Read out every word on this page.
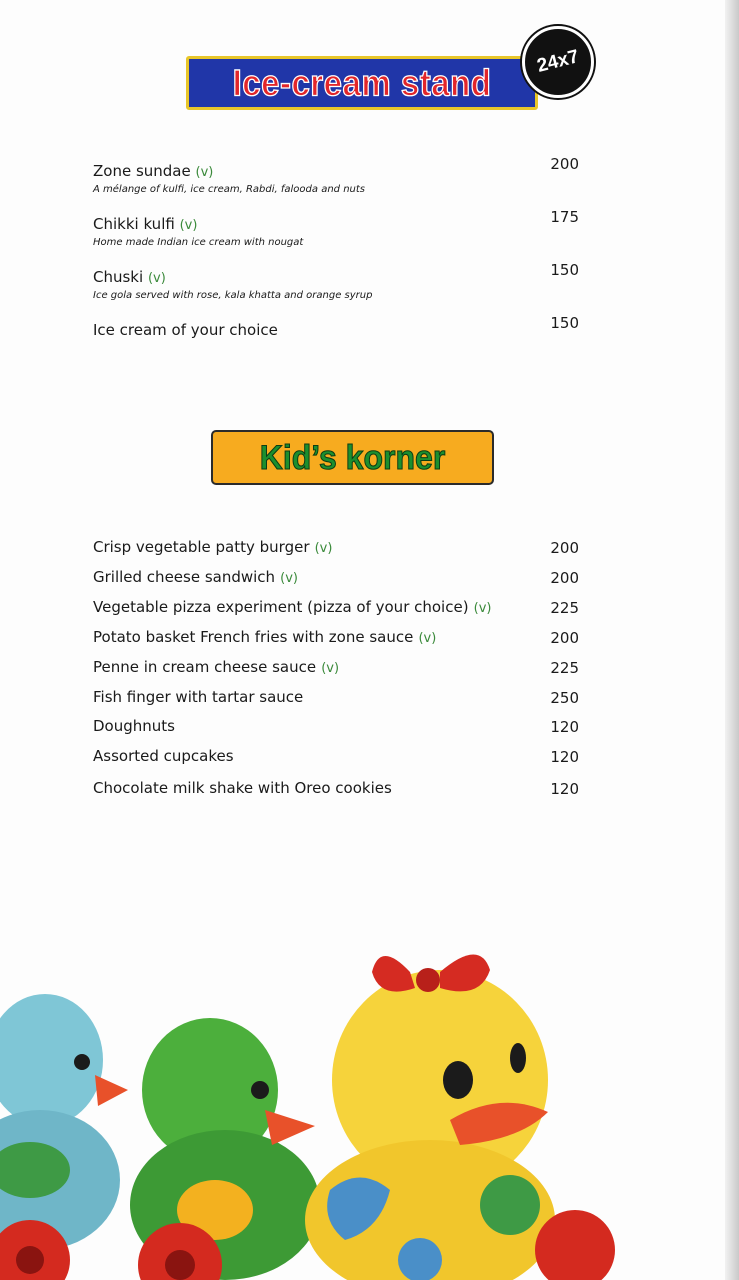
Ice-cream stand
24x7
Zone sundae (v)
A mélange of kulfi, ice cream, Rabdi, falooda and nuts
200
Chikki kulfi (v)
Home made Indian ice cream with nougat
175
Chuski (v)
Ice gola served with rose, kala khatta and orange syrup
150
Ice cream of your choice	150
Kid’s korner
Crisp vegetable patty burger (v)	200
Grilled cheese sandwich (v)	200
Vegetable pizza experiment (pizza of your choice) (v)	225
Potato basket French fries with zone sauce (v)	200
Penne in cream cheese sauce (v)	225
Fish finger with tartar sauce	250
Doughnuts	120
Assorted cupcakes	120
Chocolate milk shake with Oreo cookies	120
